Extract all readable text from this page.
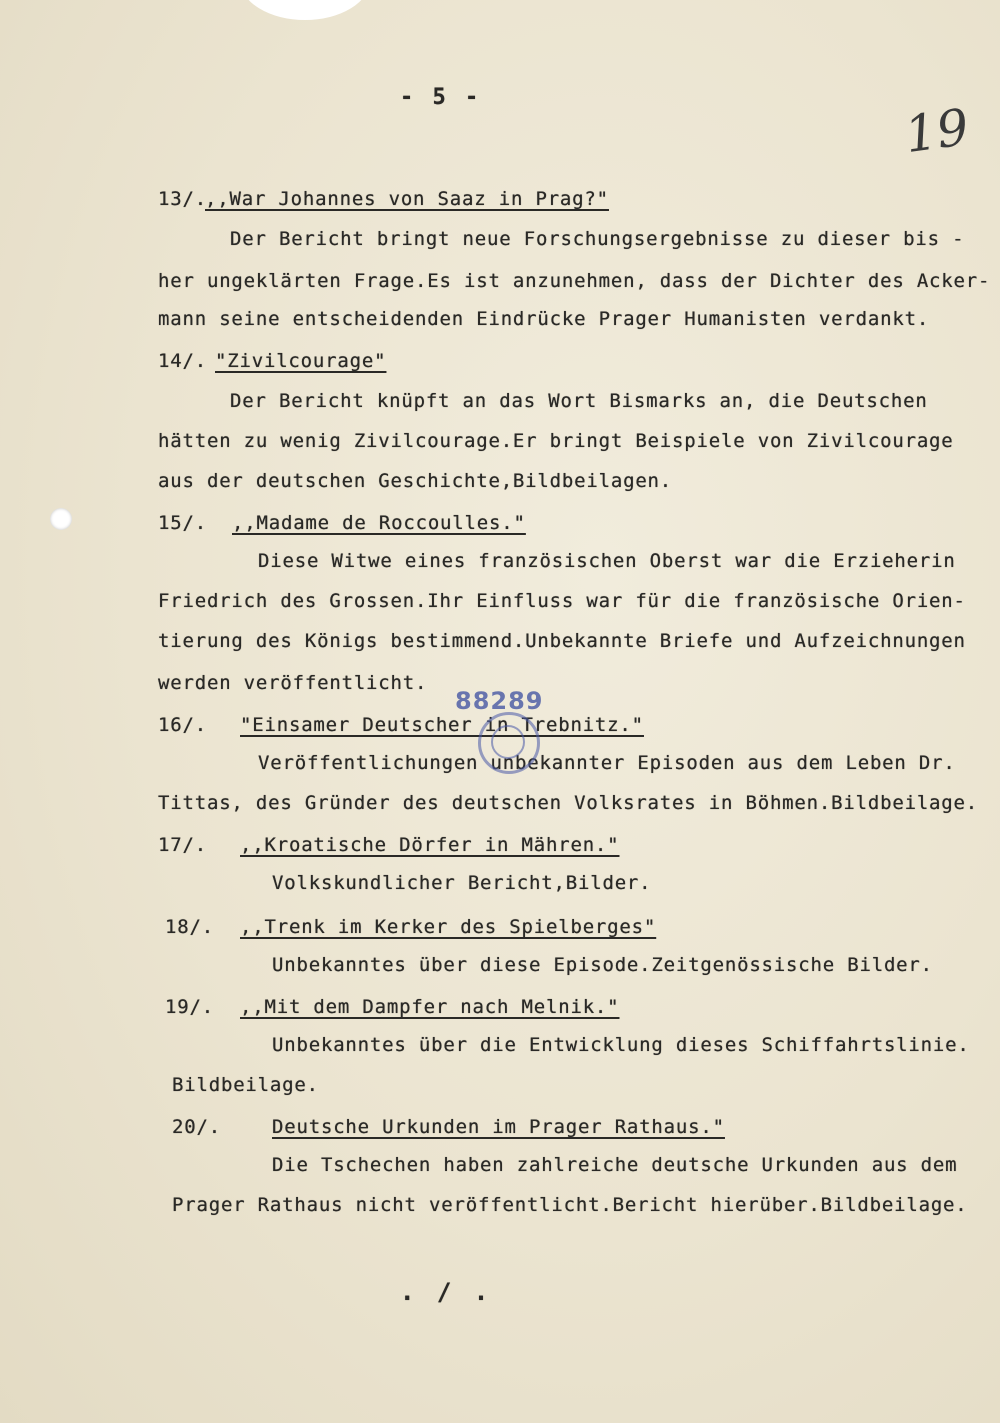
- 5 -
19
13/.
,,War Johannes von Saaz in Prag?"
Der Bericht bringt neue Forschungsergebnisse zu dieser bis -
her ungeklärten Frage.Es ist anzunehmen, dass der Dichter des Acker-
mann seine entscheidenden Eindrücke Prager Humanisten verdankt.
14/. "Zivilcourage"
Der Bericht knüpft an das Wort Bismarks an, die Deutschen
hätten zu wenig Zivilcourage.Er bringt Beispiele von Zivilcourage
aus der deutschen Geschichte,Bildbeilagen.
15/. ,,Madame de Roccoulles."
Diese Witwe eines französischen Oberst war die Erzieherin
Friedrich des Grossen.Ihr Einfluss war für die französische Orien-
tierung des Königs bestimmend.Unbekannte Briefe und Aufzeichnungen
werden veröffentlicht.
16/. "Einsamer Deutscher in Trebnitz."
Veröffentlichungen unbekannter Episoden aus dem Leben Dr.
Tittas, des Gründer des deutschen Volksrates in Böhmen.Bildbeilage.
17/. ,,Kroatische Dörfer in Mähren."
Volkskundlicher Bericht,Bilder.
18/. ,,Trenk im Kerker des Spielberges"
Unbekanntes über diese Episode.Zeitgenössische Bilder.
19/. ,,Mit dem Dampfer nach Melnik."
Unbekanntes über die Entwicklung dieses Schiffahrtslinie.
Bildbeilage.
20/.	Deutsche Urkunden im Prager Rathaus."
Die Tschechen haben zahlreiche deutsche Urkunden aus dem
Prager Rathaus nicht veröffentlicht.Bericht hierüber.Bildbeilage.
88289
. / .
